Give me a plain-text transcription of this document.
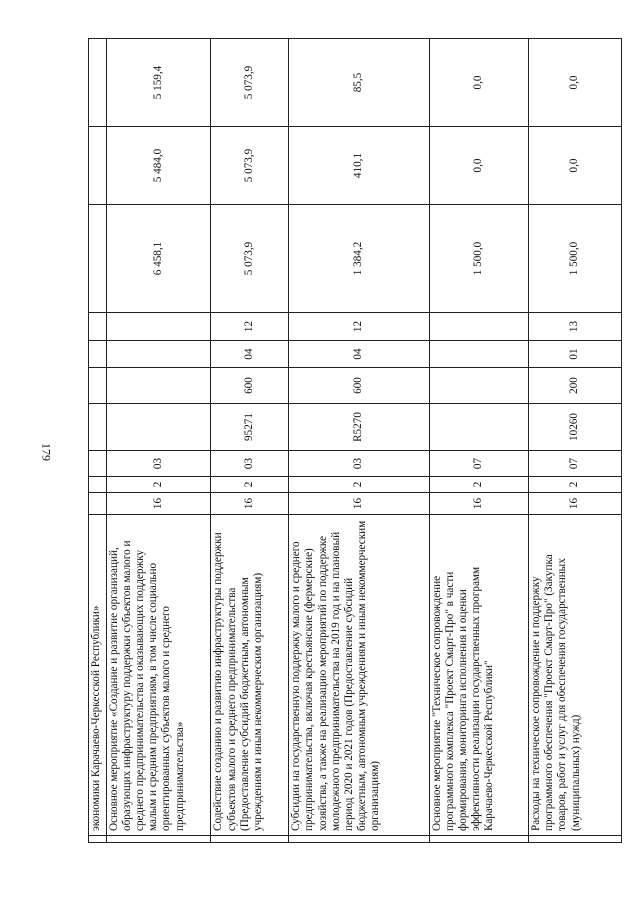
179
	экономики Карачаево-Черкесской Республики»										
	Основное мероприятие «Создание и развитие организаций, образующих инфраструктуру поддержки субъектов малого и среднего предпринимательства и оказывающих поддержку малым и средним предприятиям, в том числе социально ориентированных субъектов малого и среднего предпринимательства»	16	2	03					6 458,1	5 484,0	5 159,4
	Содействие созданию и развитию инфраструктуры поддержки субъектов малого и среднего предпринимательства (Предоставление субсидий бюджетным, автономным учреждениям и иным некоммерческим организациям)	16	2	03	95271	600	04	12	5 073,9	5 073,9	5 073,9
	Субсидии на государственную поддержку малого и среднего предпринимательства, включая крестьянские (фермерские) хозяйства, а также на реализацию мероприятий по поддержке молодежного предпринимательства на 2019 год и на плановый период 2020 и 2021 годов (Предоставление субсидий бюджетным, автономным учреждениям и иным некоммерческим организациям)	16	2	03	R5270	600	04	12	1 384,2	410,1	85,5
	Основное мероприятие "Техническое сопровождение программного комплекса "Проект Смарт-Про" в части формирования, мониторинга исполнения и оценки эффективности реализации государственных программ Карачаево-Черкесской Республики"	16	2	07					1 500,0	0,0	0,0
	Расходы на техническое сопровождение и поддержку программного обеспечения "Проект Смарт-Про" (Закупка товаров, работ и услуг для обеспечения государственных (муниципальных) нужд)	16	2	07	10260	200	01	13	1 500,0	0,0	0,0
